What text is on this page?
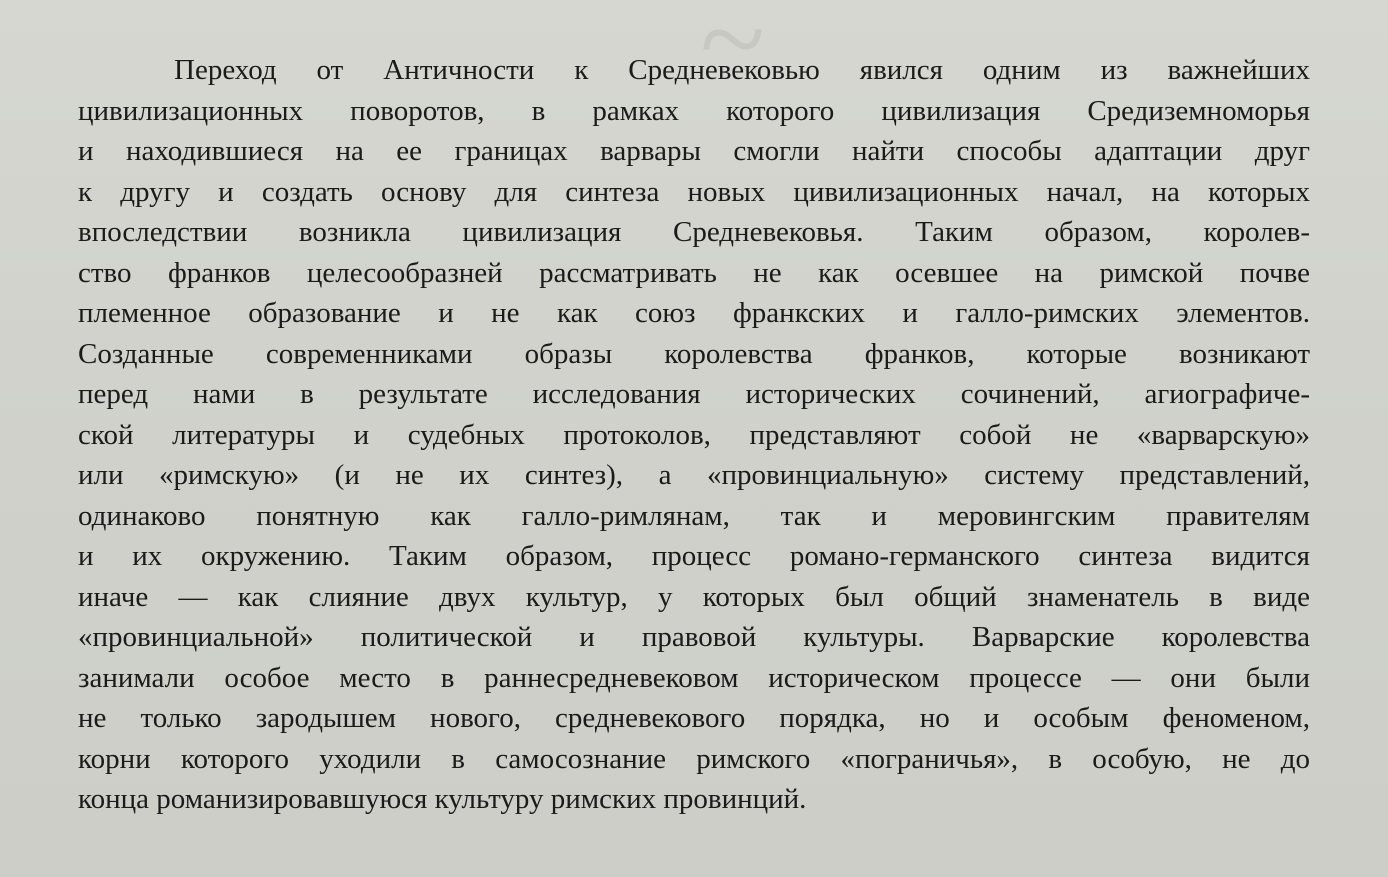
~
Переход от Античности к Средневековью явился одним из важнейших
цивилизационных поворотов, в рамках которого цивилизация Средиземноморья
и находившиеся на ее границах варвары смогли найти способы адаптации друг
к другу и создать основу для синтеза новых цивилизационных начал, на которых
впоследствии возникла цивилизация Средневековья. Таким образом, королев-
ство франков целесообразней рассматривать не как осевшее на римской почве
племенное образование и не как союз франкских и галло-римских элементов.
Созданные современниками образы королевства франков, которые возникают
перед нами в результате исследования исторических сочинений, агиографиче-
ской литературы и судебных протоколов, представляют собой не «варварскую»
или «римскую» (и не их синтез), а «провинциальную» систему представлений,
одинаково понятную как галло-римлянам, так и меровингским правителям
и их окружению. Таким образом, процесс романо-германского синтеза видится
иначе — как слияние двух культур, у которых был общий знаменатель в виде
«провинциальной» политической и правовой культуры. Варварские королевства
занимали особое место в раннесредневековом историческом процессе — они были
не только зародышем нового, средневекового порядка, но и особым феноменом,
корни которого уходили в самосознание римского «пограничья», в особую, не до
конца романизировавшуюся культуру римских провинций.
